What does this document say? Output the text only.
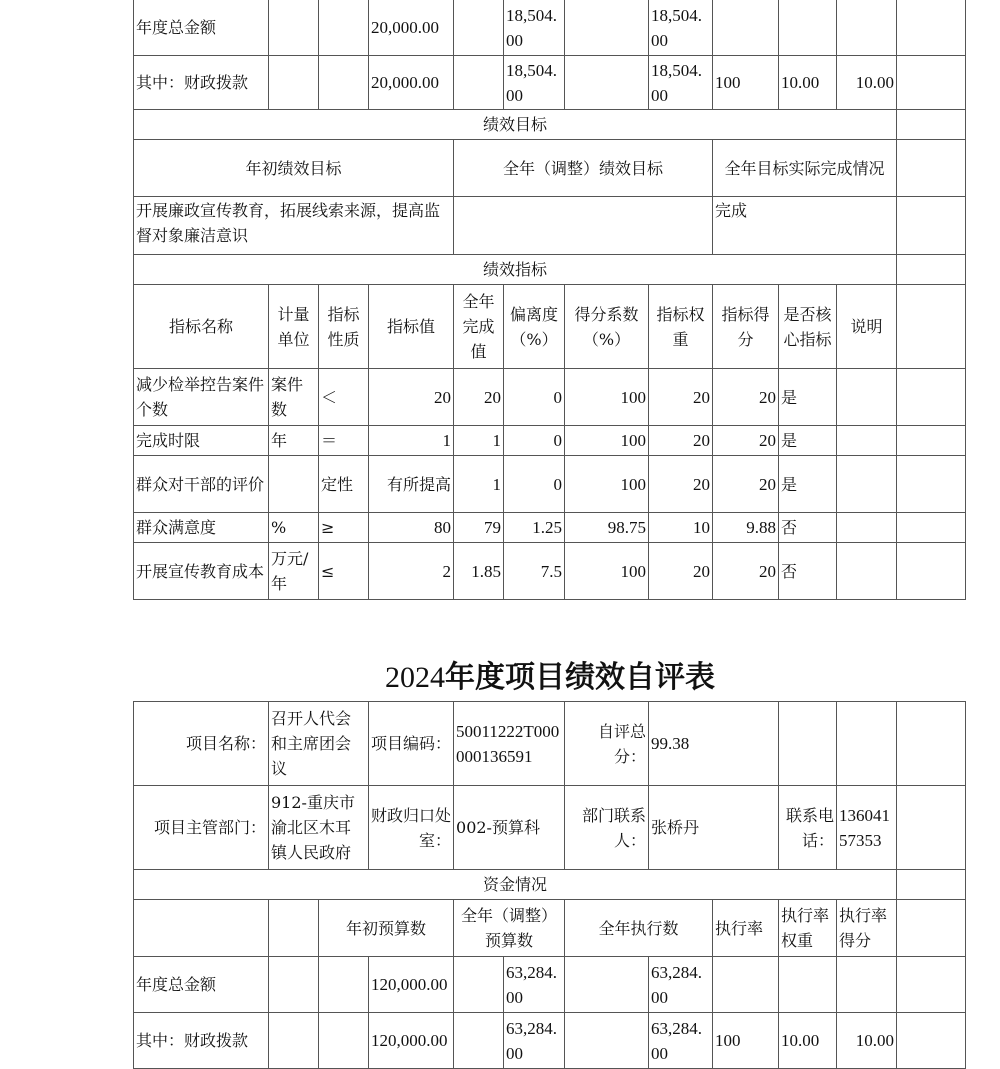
年度总金额			20,000.00		18,504.00		18,504.00				
其中：财政拨款			20,000.00		18,504.00		18,504.00	100	10.00	10.00	
绩效目标											
年初绩效目标				全年（调整）绩效目标				全年目标实际完成情况			
开展廉政宣传教育，拓展线索来源，提高监督对象廉洁意识								完成			
绩效指标											
指标名称	计量单位	指标性质	指标值	全年完成值	偏离度（%）	得分系数（%）	指标权重	指标得分	是否核心指标	说明	
减少检举控告案件个数	案件数	＜	20	20	0	100	20	20	是		
完成时限	年	＝	1	1	0	100	20	20	是		
群众对干部的评价		定性	有所提高	1	0	100	20	20	是		
群众满意度	%	≥	80	79	1.25	98.75	10	9.88	否		
开展宣传教育成本	万元/年	≤	2	1.85	7.5	100	20	20	否		
2024年度项目绩效自评表
项目名称：	召开人代会和主席团会议		项目编码：	50011222T000000136591		自评总分：	99.38				
项目主管部门：	912-重庆市渝北区木耳镇人民政府		财政归口处室：	002-预算科		部门联系人：	张桥丹		联系电话：	13604157353	
资金情况											
		年初预算数		全年（调整）预算数		全年执行数		执行率	执行率权重	执行率得分	
年度总金额			120,000.00		63,284.00		63,284.00				
其中：财政拨款			120,000.00		63,284.00		63,284.00	100	10.00	10.00	
